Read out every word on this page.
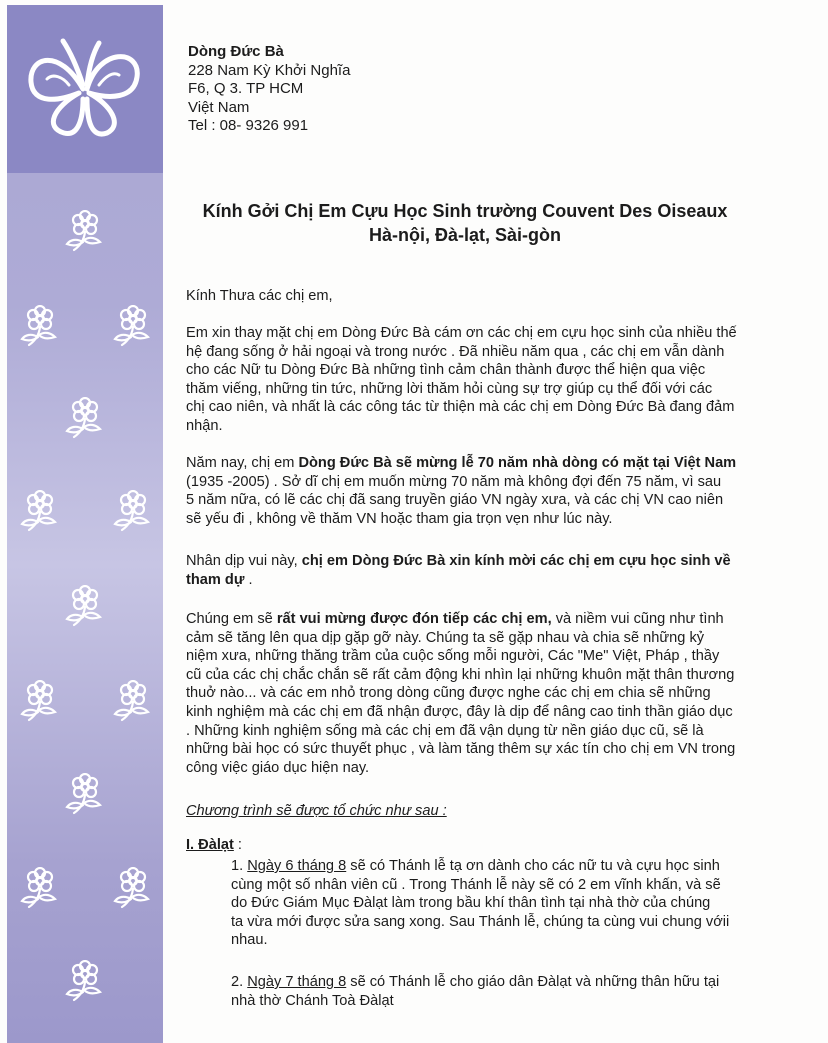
Dòng Đức Bà
228 Nam Kỳ Khởi Nghĩa
F6, Q 3. TP HCM
Việt Nam
Tel : 08- 9326 991
Kính Gởi Chị Em Cựu Học Sinh trường Couvent Des Oiseaux
Hà-nội, Đà-lạt, Sài-gòn
Kính Thưa các chị em,
Em xin thay mặt chị em Dòng Đức Bà cám ơn các chị em cựu học sinh của nhiều thế
hệ đang sống ở hải ngoại và trong nước . Đã nhiều năm qua , các chị em vẫn dành
cho các Nữ tu Dòng Đức Bà những tình cảm chân thành được thể hiện qua việc
thăm viếng, những tin tức, những lời thăm hỏi cùng sự trợ giúp cụ thể đối với các
chị cao niên, và nhất là các công tác từ thiện mà các chị em Dòng Đức Bà đang đảm
nhận.
Năm nay, chị em Dòng Đức Bà sẽ mừng lễ 70 năm nhà dòng có mặt tại Việt Nam
(1935 -2005) . Sở dĩ chị em muốn mừng 70 năm mà không đợi đến 75 năm, vì sau
5 năm nữa, có lẽ các chị đã sang truyền giáo VN ngày xưa, và các chị VN cao niên
sẽ yếu đi , không về thăm VN hoặc tham gia trọn vẹn như lúc này.
Nhân dịp vui này, chị em Dòng Đức Bà xin kính mời các chị em cựu học sinh về
tham dự .
Chúng em sẽ rất vui mừng được đón tiếp các chị em, và niềm vui cũng như tình
cảm sẽ tăng lên qua dịp gặp gỡ này. Chúng ta sẽ gặp nhau và chia sẽ những kỷ
niệm xưa, những thăng trầm của cuộc sống mỗi người, Các "Me" Việt, Pháp , thầy
cũ của các chị chắc chắn sẽ rất cảm động khi nhìn lại những khuôn mặt thân thương
thuở nào... và các em nhỏ trong dòng cũng được nghe các chị em chia sẽ những
kinh nghiệm mà các chị em đã nhận được, đây là dịp để nâng cao tinh thần giáo dục
. Những kinh nghiệm sống mà các chị em đã vận dụng từ nền giáo dục cũ, sẽ là
những bài học có sức thuyết phục , và làm tăng thêm sự xác tín cho chị em VN trong
công việc giáo dục hiện nay.
Chương trình sẽ được tổ chức như sau :
I. Đàlạt :
1. Ngày 6 tháng 8 sẽ có Thánh lễ tạ ơn dành cho các nữ tu và cựu học sinh
cùng một số nhân viên cũ . Trong Thánh lễ này sẽ có 2 em vĩnh khấn, và sẽ
do Đức Giám Mục Đàlạt làm trong bầu khí thân tình tại nhà thờ của chúng
ta vừa mới được sửa sang xong. Sau Thánh lễ, chúng ta cùng vui chung vớii
nhau.
2. Ngày 7 tháng 8 sẽ có Thánh lễ cho giáo dân Đàlạt và những thân hữu tại
nhà thờ Chánh Toà Đàlạt
